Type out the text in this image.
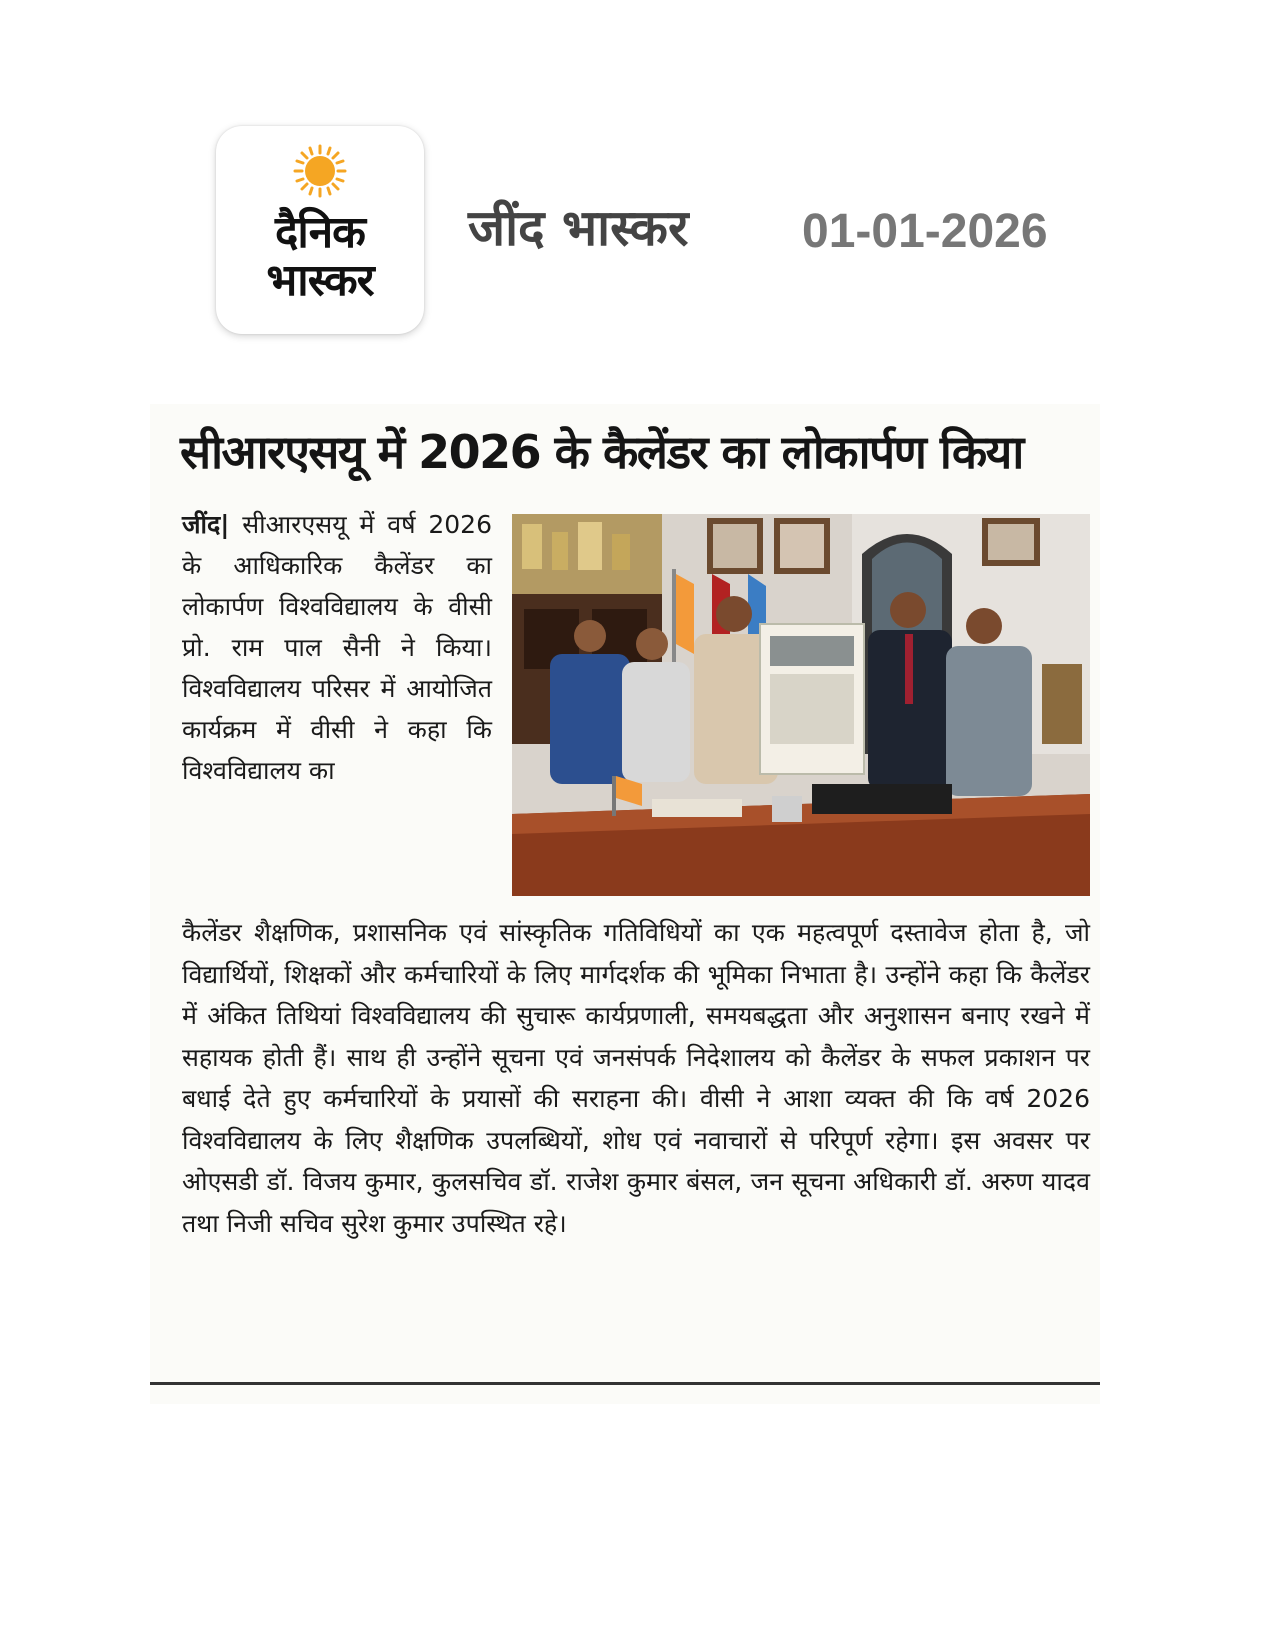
दैनिक
भास्कर
जींद भास्कर 01-01-2026
सीआरएसयू में 2026 के कैलेंडर का लोकार्पण किया
जींद| सीआरएसयू में वर्ष 2026 के आधिकारिक कैलेंडर का लोकार्पण विश्वविद्यालय के वीसी प्रो. राम पाल सैनी ने किया। विश्वविद्यालय परिसर में आयोजित कार्यक्रम में वीसी ने कहा कि विश्वविद्यालय का
कैलेंडर शैक्षणिक, प्रशासनिक एवं सांस्कृतिक गतिविधियों का एक महत्वपूर्ण दस्तावेज होता है, जो विद्यार्थियों, शिक्षकों और कर्मचारियों के लिए मार्गदर्शक की भूमिका निभाता है। उन्होंने कहा कि कैलेंडर में अंकित तिथियां विश्वविद्यालय की सुचारू कार्यप्रणाली, समयबद्धता और अनुशासन बनाए रखने में सहायक होती हैं। साथ ही उन्होंने सूचना एवं जनसंपर्क निदेशालय को कैलेंडर के सफल प्रकाशन पर बधाई देते हुए कर्मचारियों के प्रयासों की सराहना की। वीसी ने आशा व्यक्त की कि वर्ष 2026 विश्वविद्यालय के लिए शैक्षणिक उपलब्धियों, शोध एवं नवाचारों से परिपूर्ण रहेगा। इस अवसर पर ओएसडी डॉ. विजय कुमार, कुलसचिव डॉ. राजेश कुमार बंसल, जन सूचना अधिकारी डॉ. अरुण यादव तथा निजी सचिव सुरेश कुमार उपस्थित रहे।
